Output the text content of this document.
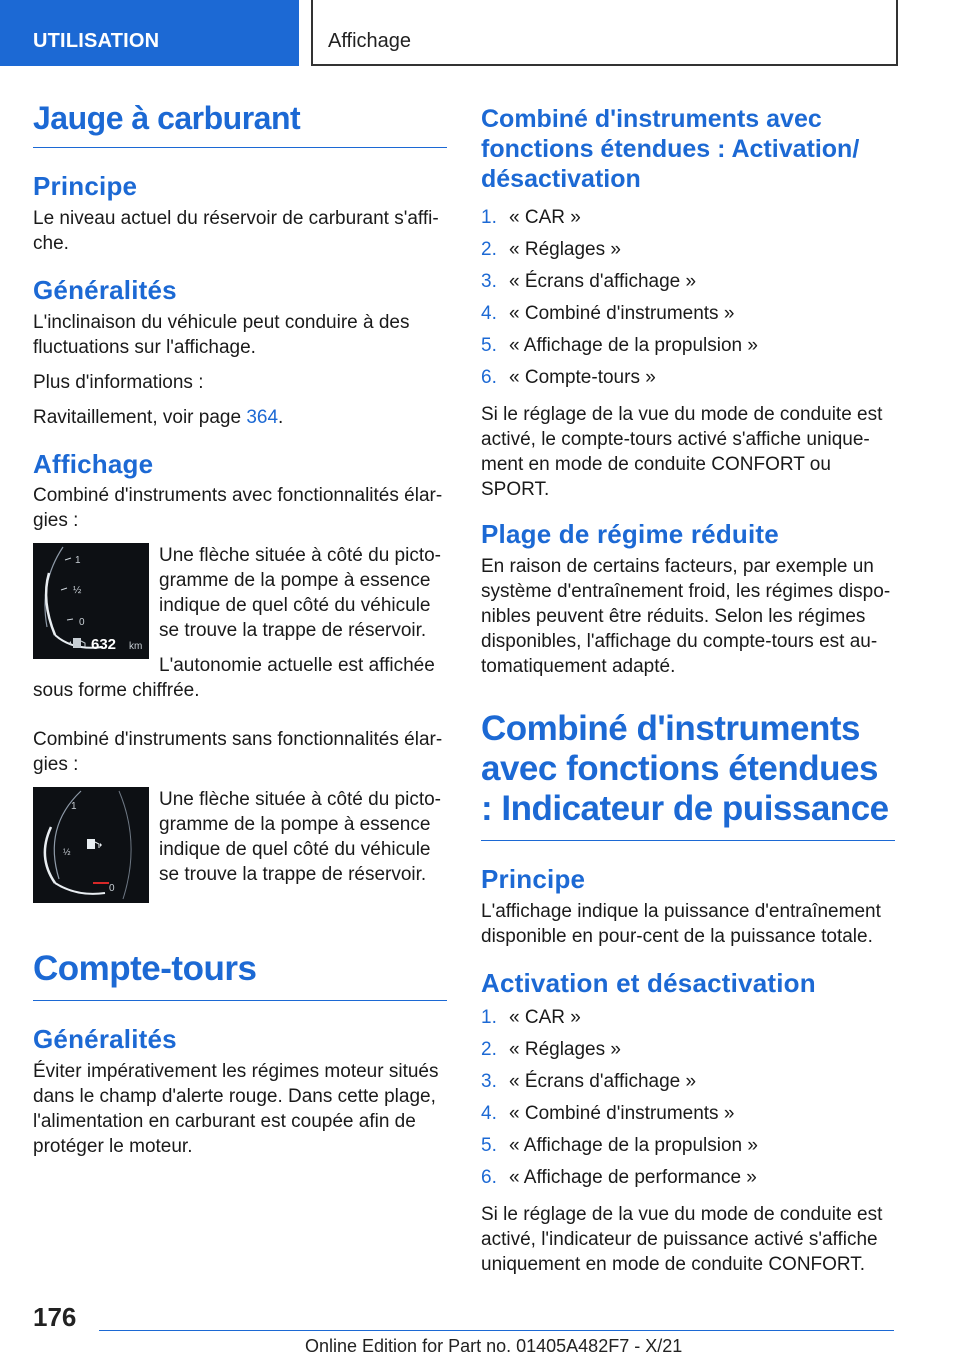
UTILISATION	Affichage
Jauge à carburant
Principe

Le niveau actuel du réservoir de carburant s'affi-che.

Généralités

L'inclinaison du véhicule peut conduire à des fluctuations sur l'affichage.

Plus d'informations :

Ravitaillement, voir page 364.

Affichage

Combiné d'instruments avec fonctionnalités élar-gies :

1
½
0
632 km

Une flèche située à côté du picto-gramme de la pompe à essence indique de quel côté du véhicule se trouve la trappe de réservoir.

L'autonomie actuelle est affichée sous forme chiffrée.

Combiné d'instruments sans fonctionnalités élar-gies :

1
½
0

Une flèche située à côté du picto-gramme de la pompe à essence indique de quel côté du véhicule se trouve la trappe de réservoir.

Compte-tours
Généralités

Éviter impérativement les régimes moteur situés dans le champ d'alerte rouge. Dans cette plage, l'alimentation en carburant est coupée afin de protéger le moteur.

Combiné d'instruments avec fonctions étendues : Activation/ désactivation
1. « CAR »
2. « Réglages »
3. « Écrans d'affichage »
4. « Combiné d'instruments »
5. « Affichage de la propulsion »
6. « Compte-tours »

Si le réglage de la vue du mode de conduite est activé, le compte-tours activé s'affiche unique-ment en mode de conduite CONFORT ou SPORT.

Plage de régime réduite

En raison de certains facteurs, par exemple un système d'entraînement froid, les régimes dispo-nibles peuvent être réduits. Selon les régimes disponibles, l'affichage du compte-tours est au-tomatiquement adapté.

Combiné d'instruments avec fonctions étendues : Indicateur de puissance
Principe

L'affichage indique la puissance d'entraînement disponible en pour-cent de la puissance totale.

Activation et désactivation
1. « CAR »
2. « Réglages »
3. « Écrans d'affichage »
4. « Combiné d'instruments »
5. « Affichage de la propulsion »
6. « Affichage de performance »

Si le réglage de la vue du mode de conduite est activé, l'indicateur de puissance activé s'affiche uniquement en mode de conduite CONFORT.

176
Online Edition for Part no. 01405A482F7 - X/21
